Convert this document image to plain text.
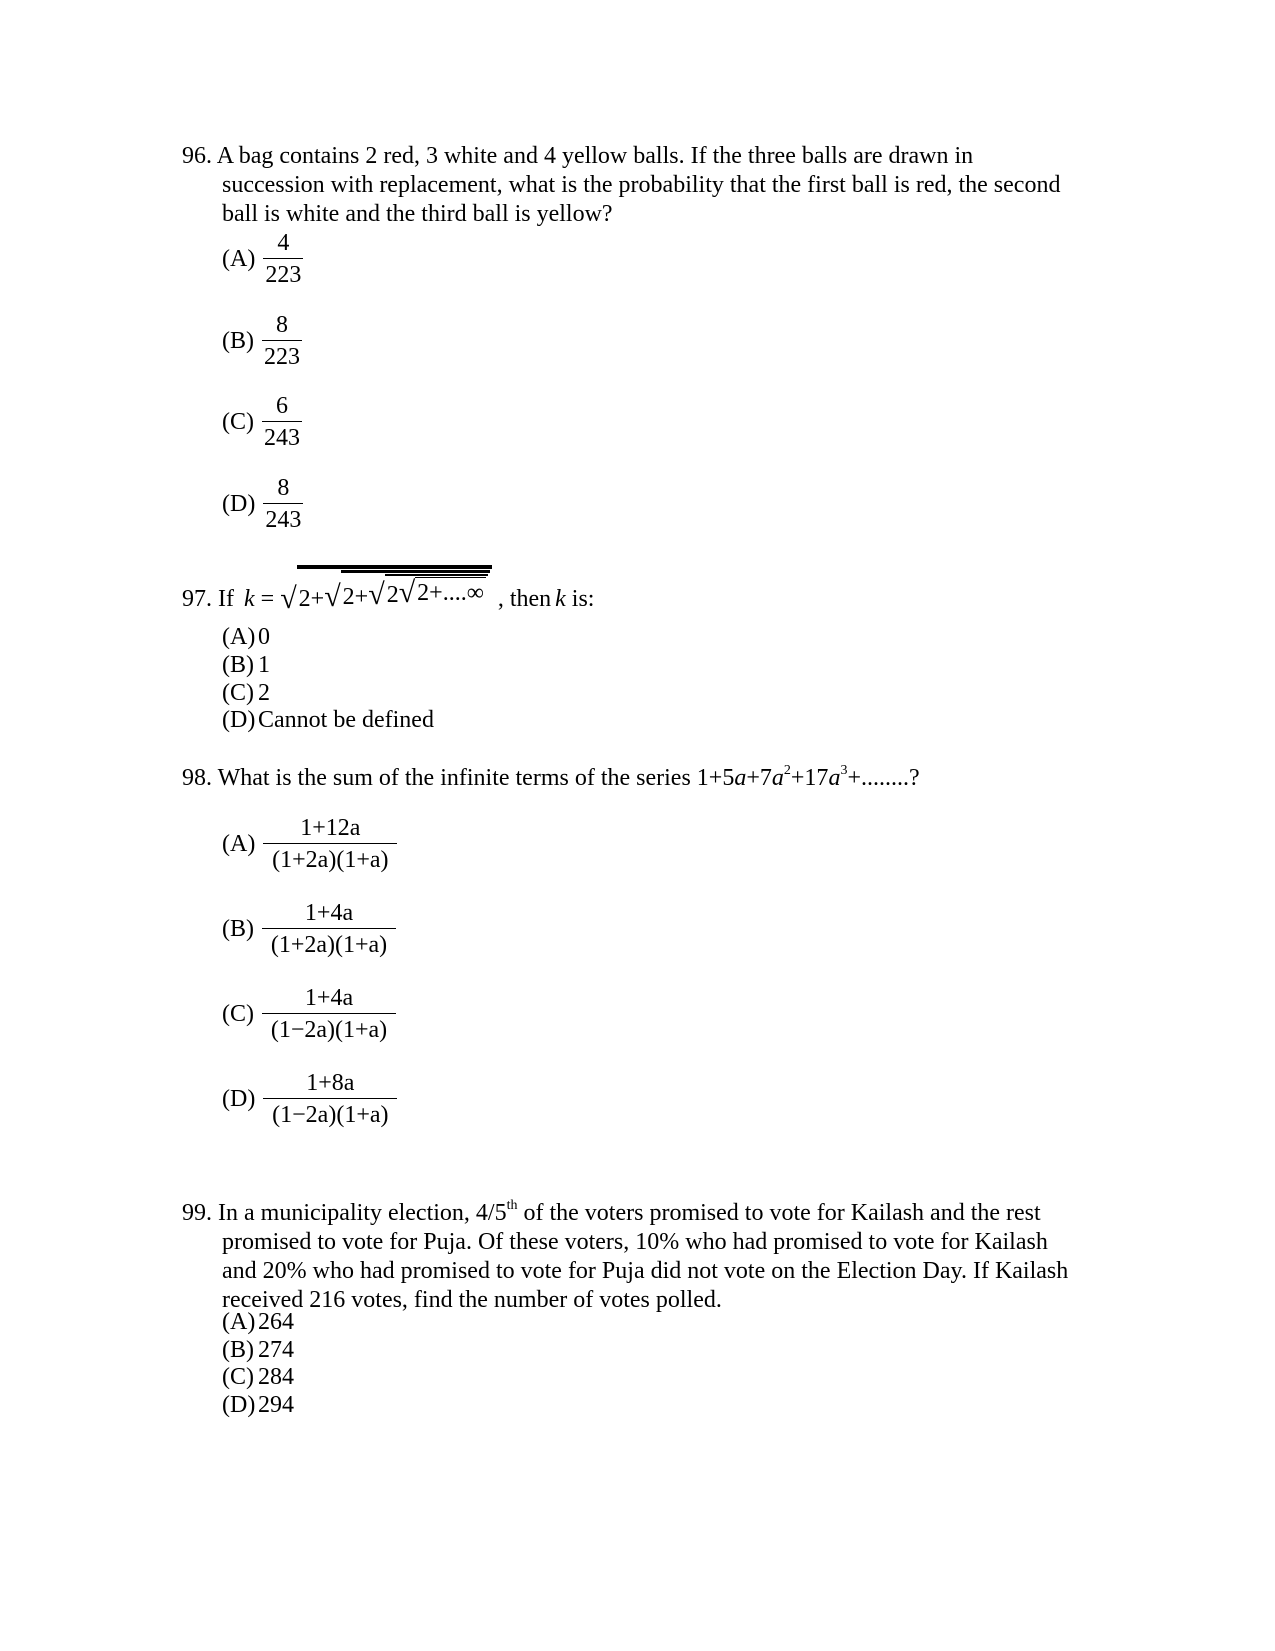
96. A bag contains 2 red, 3 white and 4 yellow balls. If the three balls are drawn in
succession with replacement, what is the probability that the first ball is red, the second
ball is white and the third ball is yellow?
$(A) \frac{4}{223}$
$(B) \frac{8}{223}$
$(C) \frac{6}{243}$
$(D) \frac{8}{243}$
97. If k = √ 2+ √ 2+ √ 2 √ 2+....∞ , then k is:
(A) 0
(B) 1
(C) 2
(D) Cannot be defined
98. What is the sum of the infinite terms of the series $1+5a+7a^2+17a^3+$........?
$(A) \frac{1+12a}{(1+2a)(1+a)}$
$(B) \frac{1+4a}{(1+2a)(1+a)}$
$(C) \frac{1+4a}{(1-2a)(1+a)}$
$(D) \frac{1+8a}{(1-2a)(1+a)}$
99. In a municipality election, 4/5th of the voters promised to vote for Kailash and the rest
promised to vote for Puja. Of these voters, 10% who had promised to vote for Kailash
and 20% who had promised to vote for Puja did not vote on the Election Day. If Kailash
received 216 votes, find the number of votes polled.
(A) 264
(B) 274
(C) 284
(D) 294
